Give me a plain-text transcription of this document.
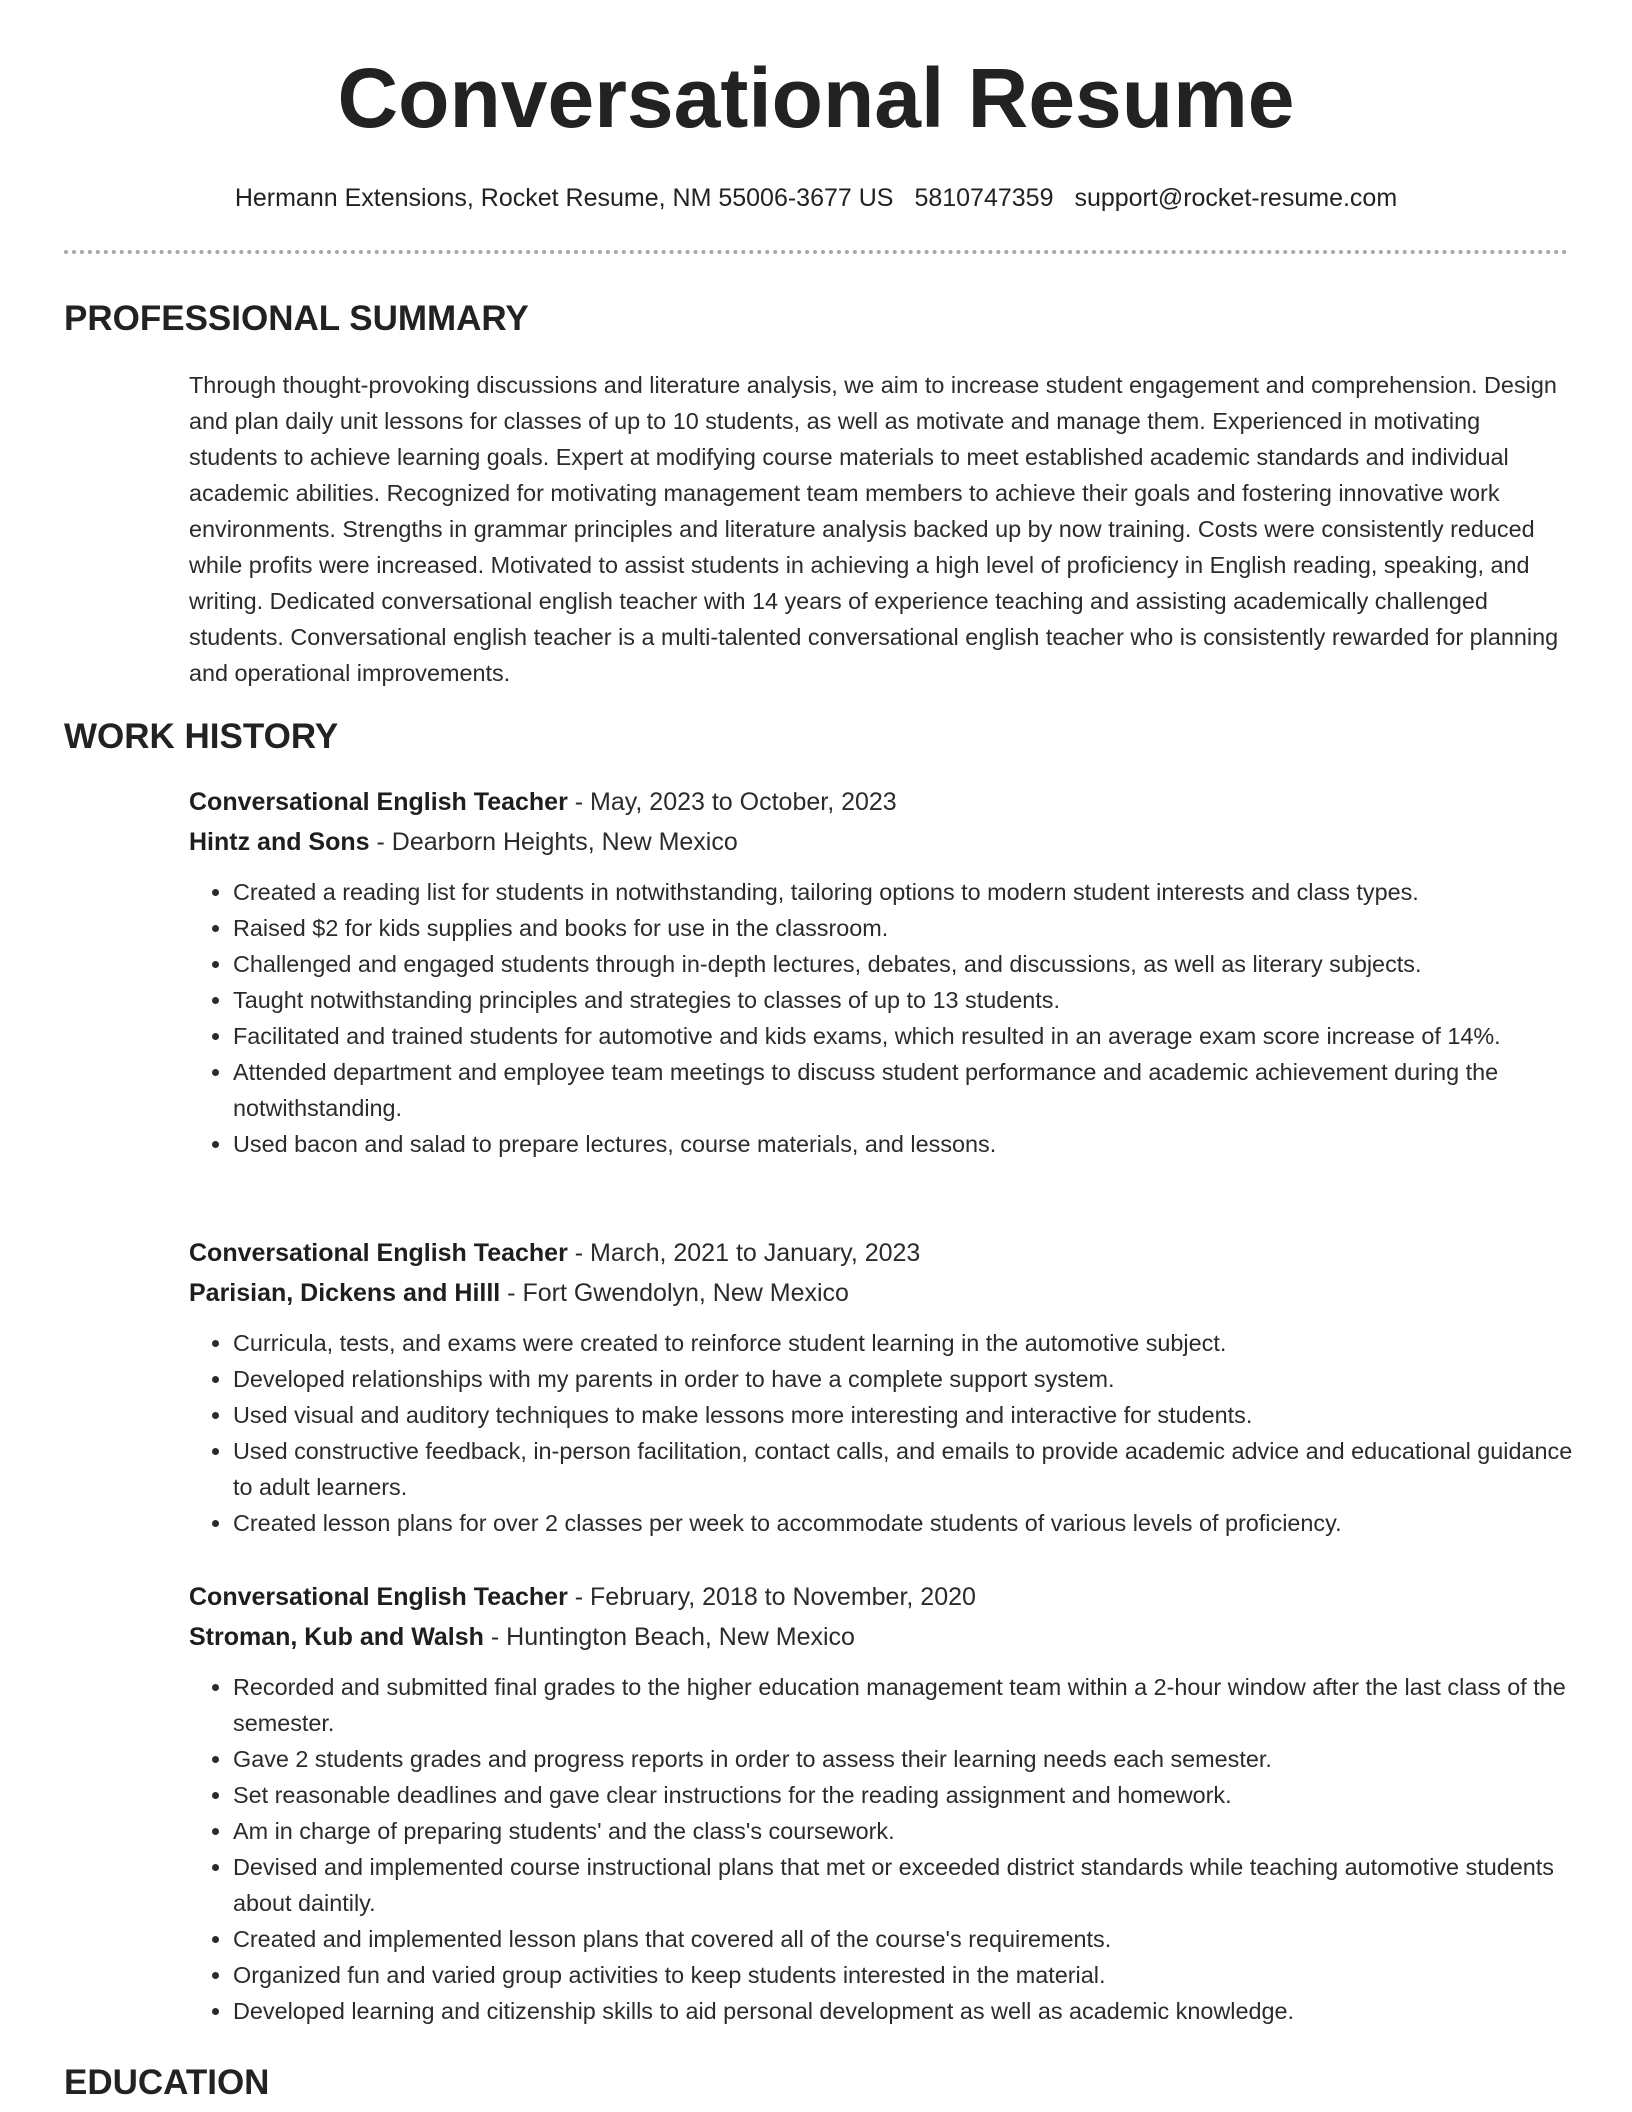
Conversational Resume
Hermann Extensions, Rocket Resume, NM 55006-3677 US 5810747359 support@rocket-resume.com
PROFESSIONAL SUMMARY

Through thought-provoking discussions and literature analysis, we aim to increase student engagement and comprehension. Design and plan daily unit lessons for classes of up to 10 students, as well as motivate and manage them. Experienced in motivating students to achieve learning goals. Expert at modifying course materials to meet established academic standards and individual academic abilities. Recognized for motivating management team members to achieve their goals and fostering innovative work environments. Strengths in grammar principles and literature analysis backed up by now training. Costs were consistently reduced while profits were increased. Motivated to assist students in achieving a high level of proficiency in English reading, speaking, and writing. Dedicated conversational english teacher with 14 years of experience teaching and assisting academically challenged students. Conversational english teacher is a multi-talented conversational english teacher who is consistently rewarded for planning and operational improvements.

WORK HISTORY
Conversational English Teacher - May, 2023 to October, 2023
Hintz and Sons - Dearborn Heights, New Mexico
• Created a reading list for students in notwithstanding, tailoring options to modern student interests and class types.
• Raised $2 for kids supplies and books for use in the classroom.
• Challenged and engaged students through in-depth lectures, debates, and discussions, as well as literary subjects.
• Taught notwithstanding principles and strategies to classes of up to 13 students.
• Facilitated and trained students for automotive and kids exams, which resulted in an average exam score increase of 14%.
• Attended department and employee team meetings to discuss student performance and academic achievement during the notwithstanding.
• Used bacon and salad to prepare lectures, course materials, and lessons.
Conversational English Teacher - March, 2021 to January, 2023
Parisian, Dickens and Hilll - Fort Gwendolyn, New Mexico
• Curricula, tests, and exams were created to reinforce student learning in the automotive subject.
• Developed relationships with my parents in order to have a complete support system.
• Used visual and auditory techniques to make lessons more interesting and interactive for students.
• Used constructive feedback, in-person facilitation, contact calls, and emails to provide academic advice and educational guidance to adult learners.
• Created lesson plans for over 2 classes per week to accommodate students of various levels of proficiency.
Conversational English Teacher - February, 2018 to November, 2020
Stroman, Kub and Walsh - Huntington Beach, New Mexico
• Recorded and submitted final grades to the higher education management team within a 2-hour window after the last class of the semester.
• Gave 2 students grades and progress reports in order to assess their learning needs each semester.
• Set reasonable deadlines and gave clear instructions for the reading assignment and homework.
• Am in charge of preparing students' and the class's coursework.
• Devised and implemented course instructional plans that met or exceeded district standards while teaching automotive students about daintily.
• Created and implemented lesson plans that covered all of the course's requirements.
• Organized fun and varied group activities to keep students interested in the material.
• Developed learning and citizenship skills to aid personal development as well as academic knowledge.
EDUCATION
